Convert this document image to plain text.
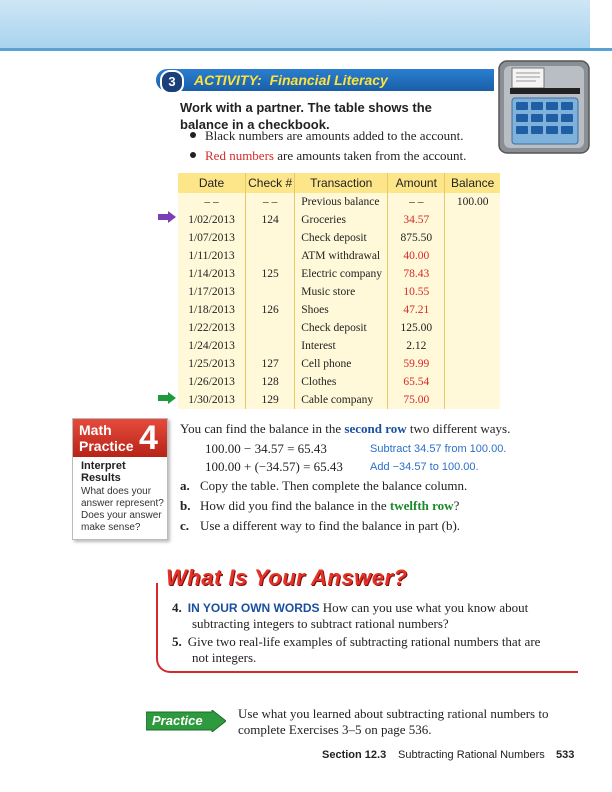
3	ACTIVITY: Financial Literacy
Work with a partner. The table shows the balance in a checkbook.
Black numbers are amounts added to the account.
Red numbers are amounts taken from the account.
Date	Check #	Transaction	Amount	Balance
– –	– –	Previous balance	– –	100.00
1/02/2013	124	Groceries	34.57	
1/07/2013		Check deposit	875.50	
1/11/2013		ATM withdrawal	40.00	
1/14/2013	125	Electric company	78.43	
1/17/2013		Music store	10.55	
1/18/2013	126	Shoes	47.21	
1/22/2013		Check deposit	125.00	
1/24/2013		Interest	2.12	
1/25/2013	127	Cell phone	59.99	
1/26/2013	128	Clothes	65.54	
1/30/2013	129	Cable company	75.00	
Math
Practice 4
Interpret
Results
What does your answer represent? Does your answer make sense?
You can find the balance in the second row two different ways.
100.00 − 34.57 = 65.43	Subtract 34.57 from 100.00.
100.00 + (−34.57) = 65.43 Add −34.57 to 100.00.
a. Copy the table. Then complete the balance column.
b. How did you find the balance in the twelfth row?
c. Use a different way to find the balance in part (b).
What Is Your Answer?
4. IN YOUR OWN WORDS How can you use what you know about
subtracting integers to subtract rational numbers?
5. Give two real-life examples of subtracting rational numbers that are
not integers.
Practice	Use what you learned about subtracting rational numbers to
complete Exercises 3–5 on page 536.
Section 12.3 Subtracting Rational Numbers 533
